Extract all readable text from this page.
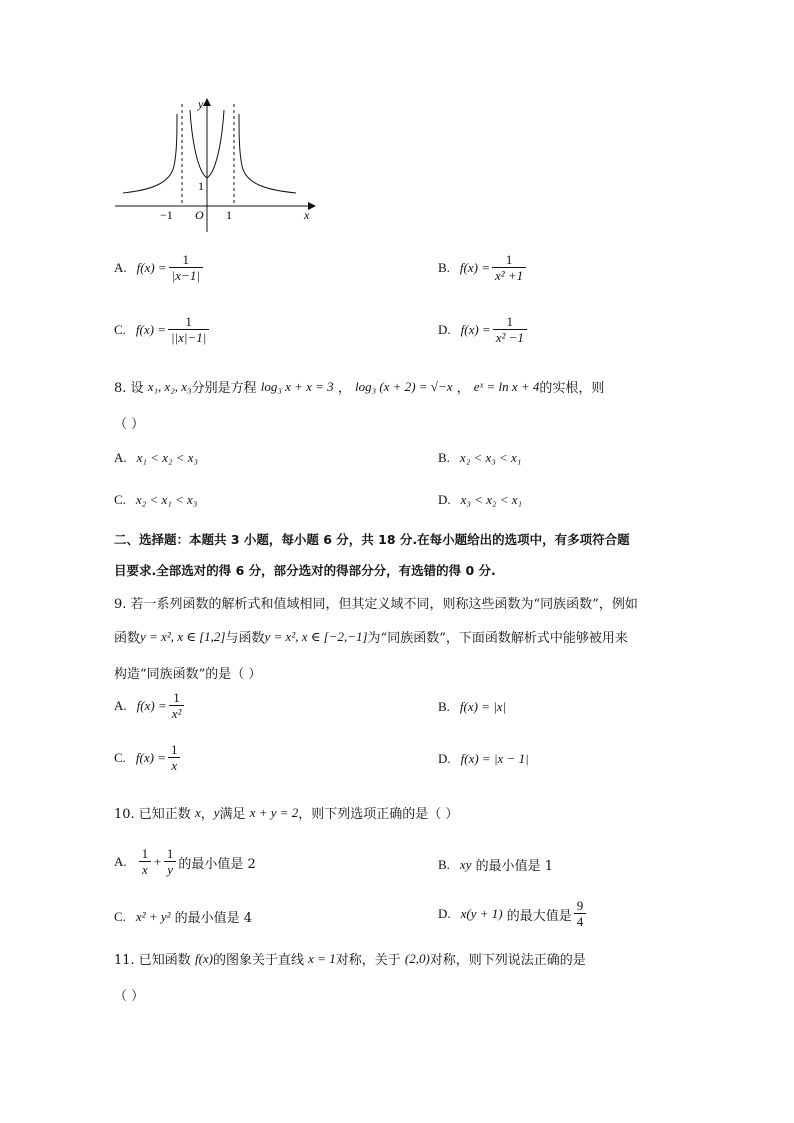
y
x
O
1
−1	1
A. $f(x) = \frac{1}{|x-1|}$	B. $f(x) = \frac{1}{\text{x² +1}}$
C. $f(x) = \frac{1}{||x|-1|}$	D. $f(x) = \frac{1}{\text{x² −1}}$
8. 设
x₁, x₂, x₃ 分别是方程
log₃ x + x = 3 ， log₃ (x + 2) = √−x ， eˣ = ln x + 4 的实根，则
（ ）
A. x₁ < x₂ < x₃	B. x₂ < x₃ < x₁
C. x₂ < x₁ < x₃	D. x₃ < x₂ < x₁
二、选择题：本题共 3 小题，每小题 6 分，共 18 分.在每小题给出的选项中，有多项符合题
目要求.全部选对的得 6 分，部分选对的得部分分，有选错的得 0 分.
9. 若一系列函数的解析式和值域相同，但其定义域不同，则称这些函数为“同族函数”，例如
函数 y = x², x ∈ [1,2] 与函数 y = x², x ∈ [−2,−1] 为“同族函数”，下面函数解析式中能够被用来
构造“同族函数”的是（ ）
A. $f(x) = \frac{1}{\text{x²}}$	B. f(x) = |x|
C. $f(x) = \frac{1}{x}$	D. f(x) = |x − 1|
10. 已知正数
x ， y 满足
x + y = 2 ，则下列选项正确的是（ ）
A. $\frac{1}{x} + \frac{1}{y}$ 的最小值是 2	B. xy
的最小值是 1
C. x² + y²
的最小值是 4	D. x(y + 1)
的最大值是 $\frac{9}{4}$
11. 已知函数
f(x) 的图象关于直线
x = 1 对称，关于
(2,0) 对称，则下列说法正确的是
（ ）
